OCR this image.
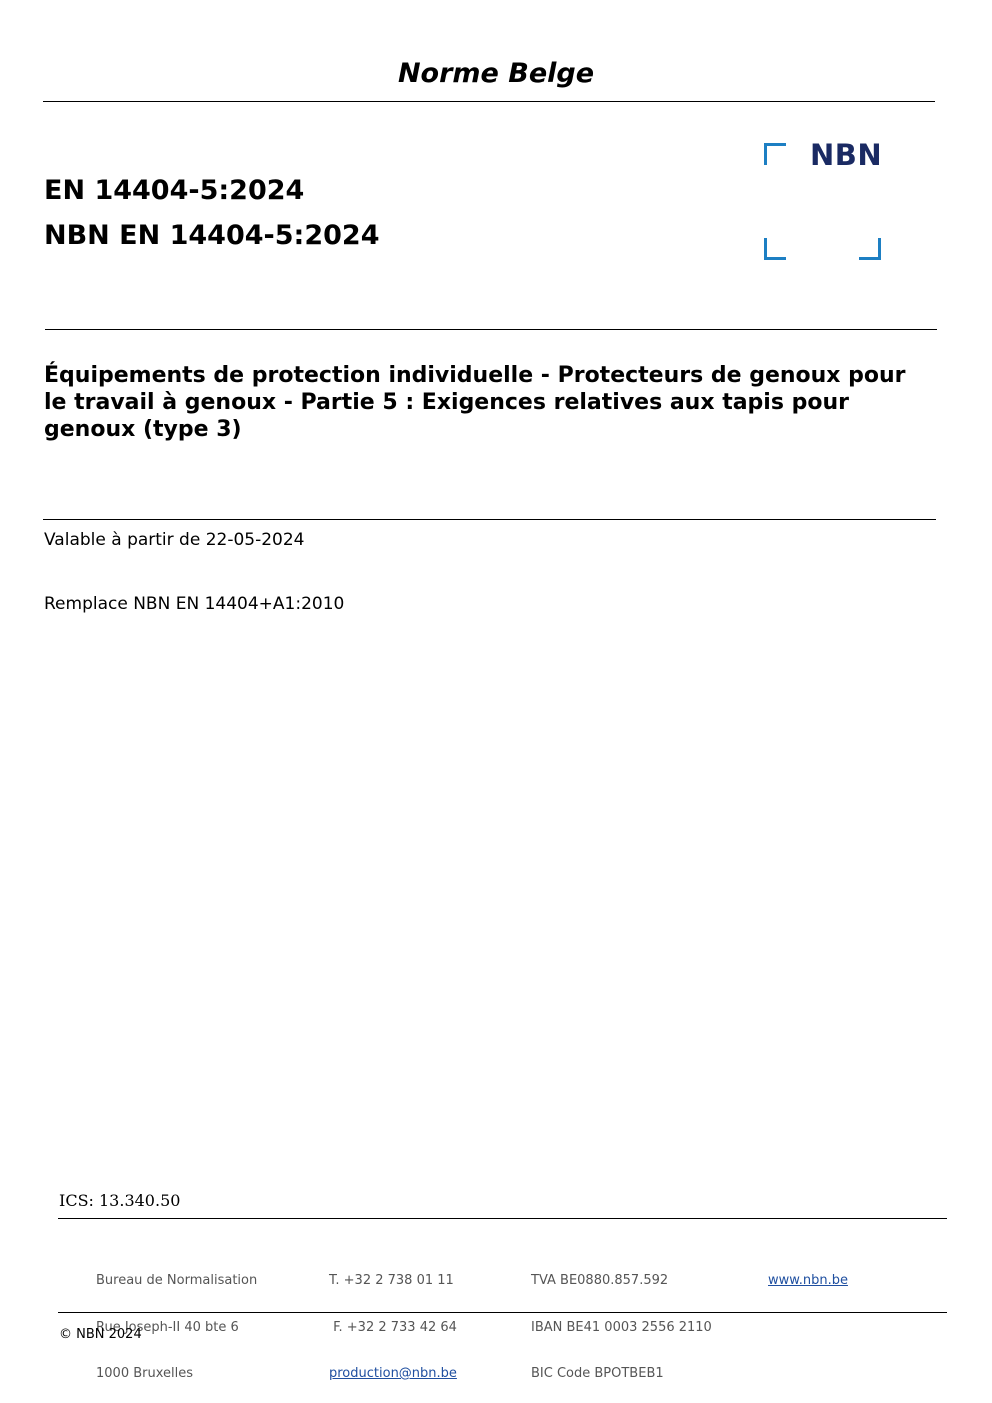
Norme Belge
EN 14404-5:2024
NBN EN 14404-5:2024
NBN
Équipements de protection individuelle - Protecteurs de genoux pour le travail à genoux - Partie 5 : Exigences relatives aux tapis pour genoux (type 3)
Valable à partir de 22-05-2024
Remplace NBN EN 14404+A1:2010
ICS: 13.340.50

Bureau de Normalisation

Rue Joseph-II 40 bte 6

1000 Bruxelles

T. +32 2 738 01 11

F. +32 2 733 42 64

production@nbn.be

TVA BE0880.857.592

IBAN BE41 0003 2556 2110

BIC Code BPOTBEB1

www.nbn.be

© NBN 2024
